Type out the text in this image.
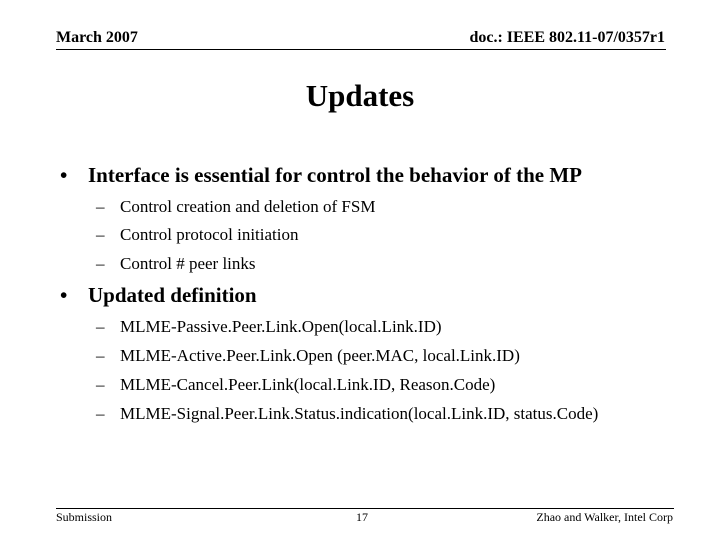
March 2007	doc.: IEEE 802.11-07/0357r1
Updates
• Interface is essential for control the behavior of the MP
– Control creation and deletion of FSM
– Control protocol initiation
– Control # peer links
• Updated definition
– MLME-Passive.Peer.Link.Open(local.Link.ID)
– MLME-Active.Peer.Link.Open (peer.MAC, local.Link.ID)
– MLME-Cancel.Peer.Link(local.Link.ID, Reason.Code)
– MLME-Signal.Peer.Link.Status.indication(local.Link.ID, status.Code)
Submission	17	Zhao and Walker, Intel Corp
